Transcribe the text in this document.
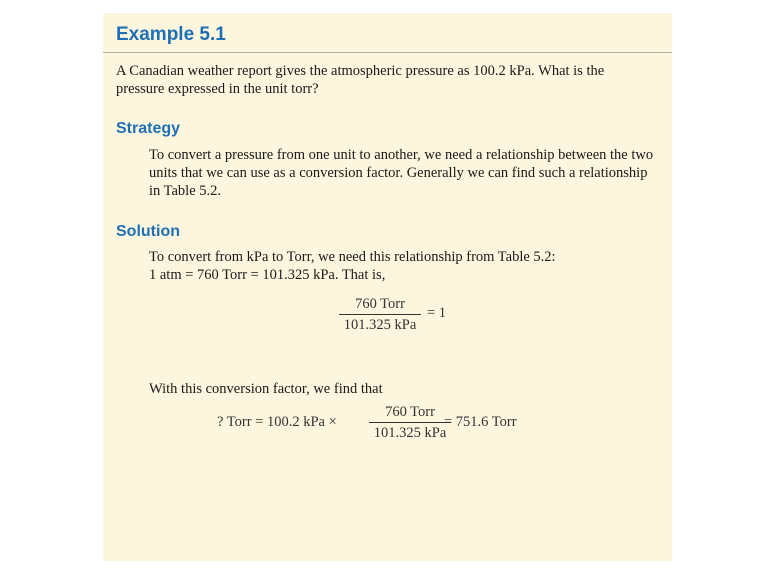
Example 5.1
A Canadian weather report gives the atmospheric pressure as 100.2 kPa. What is the pressure expressed in the unit torr?
Strategy
To convert a pressure from one unit to another, we need a relationship between the two units that we can use as a conversion factor. Generally we can find such a relationship in Table 5.2.
Solution
To convert from kPa to Torr, we need this relationship from Table 5.2:
1 atm = 760 Torr = 101.325 kPa. That is,
760 Torr
101.325 kPa
= 1
With this conversion factor, we find that
? Torr = 100.2 kPa ×
760 Torr
101.325 kPa
= 751.6 Torr
